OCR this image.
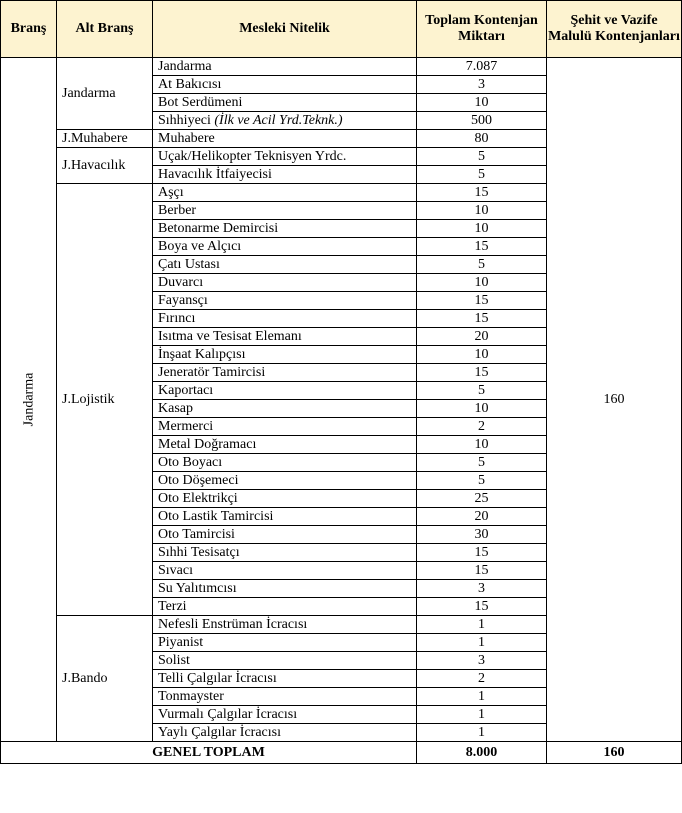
Branş	Alt Branş	Mesleki Nitelik	Toplam Kontenjan Miktarı	Şehit ve Vazife Malulü Kontenjanları
Jandarma	Jandarma	Jandarma	7.087	160
		At Bakıcısı	3	
		Bot Serdümeni	10	
		Sıhhiyeci (İlk ve Acil Yrd.Teknk.)	500	
	J.Muhabere	Muhabere	80	
	J.Havacılık	Uçak/Helikopter Teknisyen Yrdc.	5	
		Havacılık İtfaiyecisi	5	
	J.Lojistik	Aşçı	15	
		Berber	10	
		Betonarme Demircisi	10	
		Boya ve Alçıcı	15	
		Çatı Ustası	5	
		Duvarcı	10	
		Fayansçı	15	
		Fırıncı	15	
		Isıtma ve Tesisat Elemanı	20	
		İnşaat Kalıpçısı	10	
		Jeneratör Tamircisi	15	
		Kaportacı	5	
		Kasap	10	
		Mermerci	2	
		Metal Doğramacı	10	
		Oto Boyacı	5	
		Oto Döşemeci	5	
		Oto Elektrikçi	25	
		Oto Lastik Tamircisi	20	
		Oto Tamircisi	30	
		Sıhhi Tesisatçı	15	
		Sıvacı	15	
		Su Yalıtımcısı	3	
		Terzi	15	
	J.Bando	Nefesli Enstrüman İcracısı	1	
		Piyanist	1	
		Solist	3	
		Telli Çalgılar İcracısı	2	
		Tonmayster	1	
		Vurmalı Çalgılar İcracısı	1	
		Yaylı Çalgılar İcracısı	1	
GENEL TOPLAM			8.000	160
